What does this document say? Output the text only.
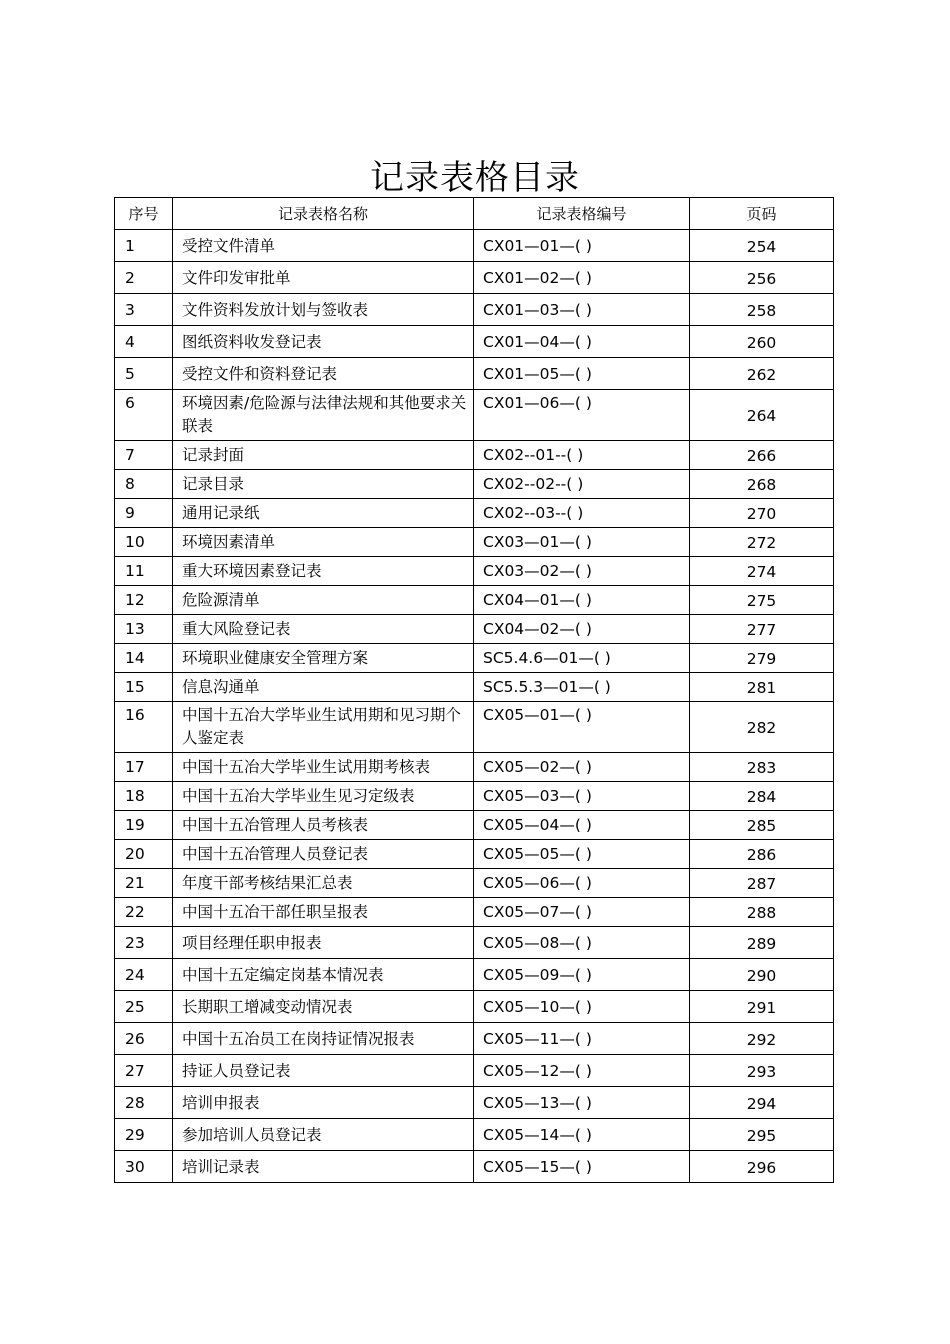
记录表格目录
序号	记录表格名称	记录表格编号	页码
1	受控文件清单	CX01—01—( )	254
2	文件印发审批单	CX01—02—( )	256
3	文件资料发放计划与签收表	CX01—03—( )	258
4	图纸资料收发登记表	CX01—04—( )	260
5	受控文件和资料登记表	CX01—05—( )	262
6	环境因素/危险源与法律法规和其他要求关联表	CX01—06—( )	264
7	记录封面	CX02--01--( )	266
8	记录目录	CX02--02--( )	268
9	通用记录纸	CX02--03--( )	270
10	环境因素清单	CX03—01—( )	272
11	重大环境因素登记表	CX03—02—( )	274
12	危险源清单	CX04—01—( )	275
13	重大风险登记表	CX04—02—( )	277
14	环境职业健康安全管理方案	SC5.4.6—01—( )	279
15	信息沟通单	SC5.5.3—01—( )	281
16	中国十五冶大学毕业生试用期和见习期个人鉴定表	CX05—01—( )	282
17	中国十五冶大学毕业生试用期考核表	CX05—02—( )	283
18	中国十五冶大学毕业生见习定级表	CX05—03—( )	284
19	中国十五冶管理人员考核表	CX05—04—( )	285
20	中国十五冶管理人员登记表	CX05—05—( )	286
21	年度干部考核结果汇总表	CX05—06—( )	287
22	中国十五冶干部任职呈报表	CX05—07—( )	288
23	项目经理任职申报表	CX05—08—( )	289
24	中国十五定编定岗基本情况表	CX05—09—( )	290
25	长期职工增减变动情况表	CX05—10—( )	291
26	中国十五冶员工在岗持证情况报表	CX05—11—( )	292
27	持证人员登记表	CX05—12—( )	293
28	培训申报表	CX05—13—( )	294
29	参加培训人员登记表	CX05—14—( )	295
30	培训记录表	CX05—15—( )	296
